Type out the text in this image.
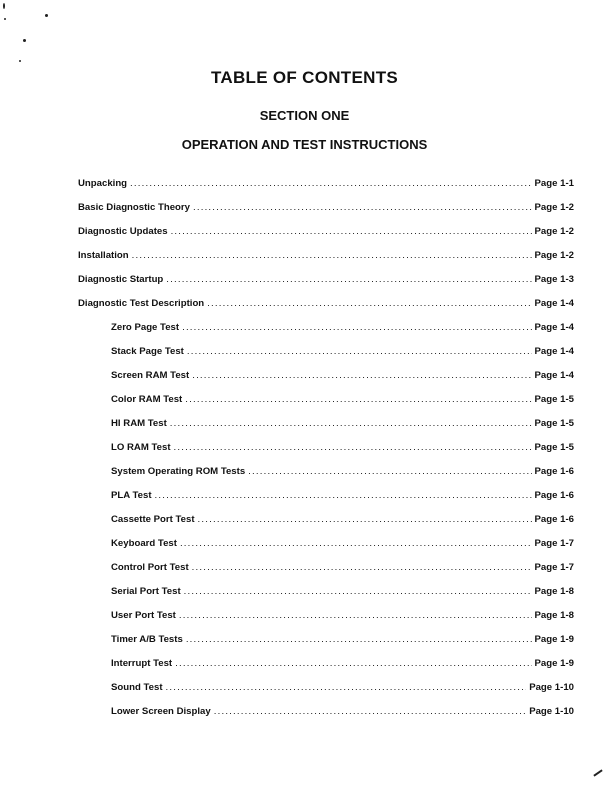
TABLE OF CONTENTS
SECTION ONE
OPERATION AND TEST INSTRUCTIONS
Unpacking .....	Page 1-1
Basic Diagnostic Theory .....	Page 1-2
Diagnostic Updates .....	Page 1-2
Installation .....	Page 1-2
Diagnostic Startup .....	Page 1-3
Diagnostic Test Description .....	Page 1-4
Zero Page Test .....	Page 1-4
Stack Page Test .....	Page 1-4
Screen RAM Test .....	Page 1-4
Color RAM Test .....	Page 1-5
HI RAM Test .....	Page 1-5
LO RAM Test .....	Page 1-5
System Operating ROM Tests .....	Page 1-6
PLA Test .....	Page 1-6
Cassette Port Test .....	Page 1-6
Keyboard Test .....	Page 1-7
Control Port Test .....	Page 1-7
Serial Port Test .....	Page 1-8
User Port Test .....	Page 1-8
Timer A/B Tests .....	Page 1-9
Interrupt Test .....	Page 1-9
Sound Test .....	Page 1-10
Lower Screen Display .....	Page 1-10
